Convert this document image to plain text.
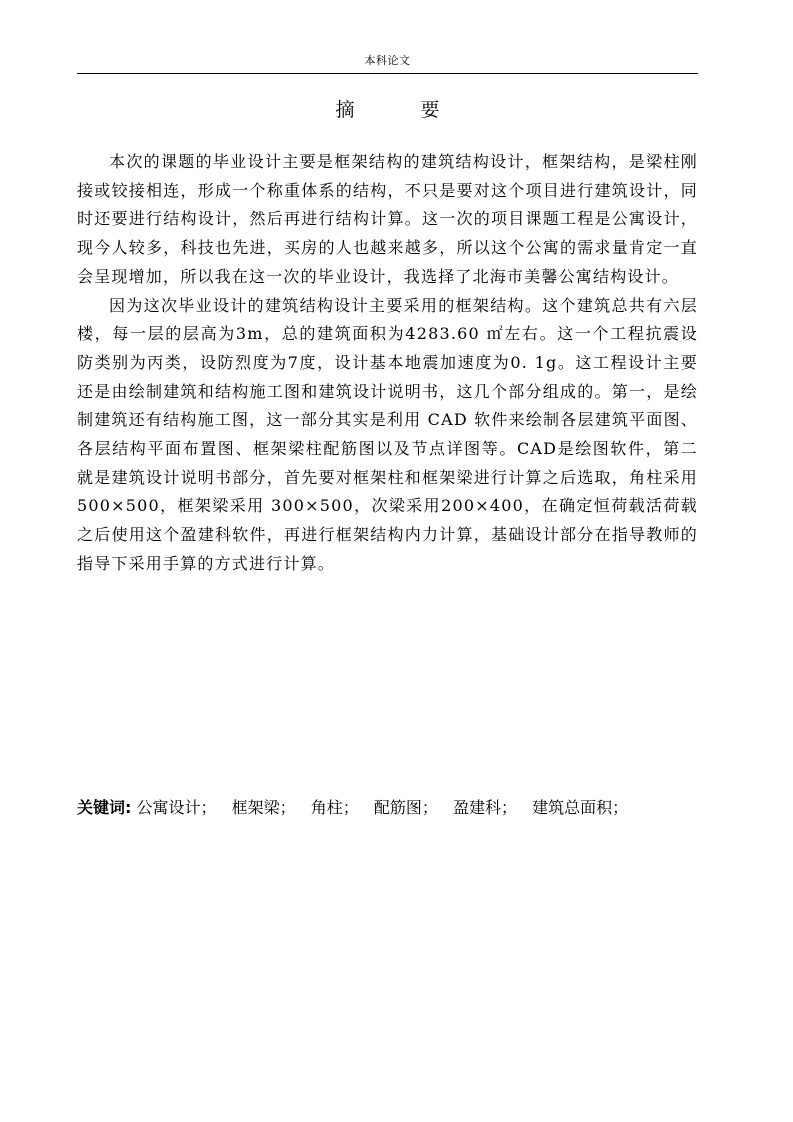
本科论文
摘 要

本次的课题的毕业设计主要是框架结构的建筑结构设计，框架结构，是梁柱刚接或铰接相连，形成一个称重体系的结构，不只是要对这个项目进行建筑设计，同时还要进行结构设计，然后再进行结构计算。这一次的项目课题工程是公寓设计，现今人较多，科技也先进，买房的人也越来越多，所以这个公寓的需求量肯定一直会呈现增加，所以我在这一次的毕业设计，我选择了北海市美馨公寓结构设计。

因为这次毕业设计的建筑结构设计主要采用的框架结构。这个建筑总共有六层楼，每一层的层高为3m，总的建筑面积为4283.60 ㎡左右。这一个工程抗震设防类别为丙类，设防烈度为7度，设计基本地震加速度为0. 1g。这工程设计主要还是由绘制建筑和结构施工图和建筑设计说明书，这几个部分组成的。第一，是绘制建筑还有结构施工图，这一部分其实是利用 CAD 软件来绘制各层建筑平面图、各层结构平面布置图、框架梁柱配筋图以及节点详图等。CAD是绘图软件，第二就是建筑设计说明书部分，首先要对框架柱和框架梁进行计算之后选取，角柱采用 500×500，框架梁采用 300×500，次梁采用200×400，在确定恒荷载活荷载之后使用这个盈建科软件，再进行框架结构内力计算，基础设计部分在指导教师的指导下采用手算的方式进行计算。

关键词: 公寓设计； 框架梁； 角柱； 配筋图； 盈建科； 建筑总面积；
